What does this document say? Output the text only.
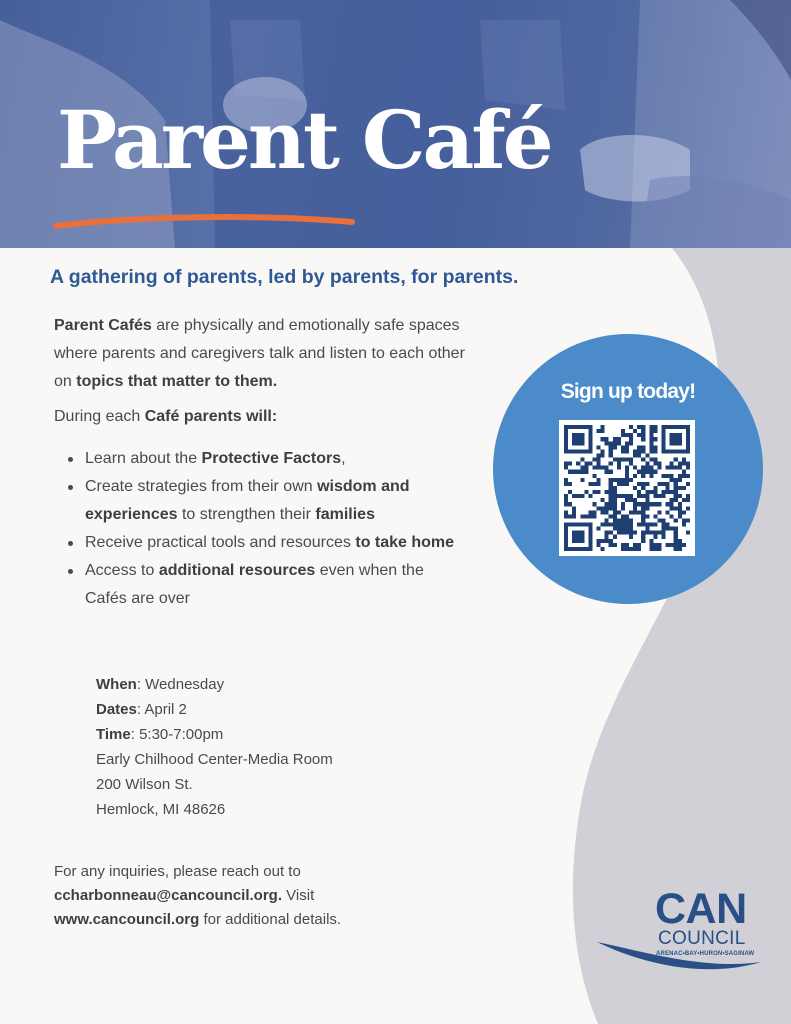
Parent Café
A gathering of parents, led by parents, for parents.

Parent Cafés are physically and emotionally safe spaces where parents and caregivers talk and listen to each other on topics that matter to them.

During each Café parents will:

Learn about the Protective Factors,
Create strategies from their own wisdom and experiences to strengthen their families
Receive practical tools and resources to take home
Access to additional resources even when the Cafés are over
When: Wednesday
Dates: April 2
Time: 5:30-7:00pm
Early Chilhood Center-Media Room
200 Wilson St.
Hemlock, MI 48626
For any inquiries, please reach out to ccharbonneau@cancouncil.org. Visit
www.cancouncil.org for additional details.
Sign up today!
CAN
COUNCIL
ARENAC•BAY•HURON•SAGINAW
